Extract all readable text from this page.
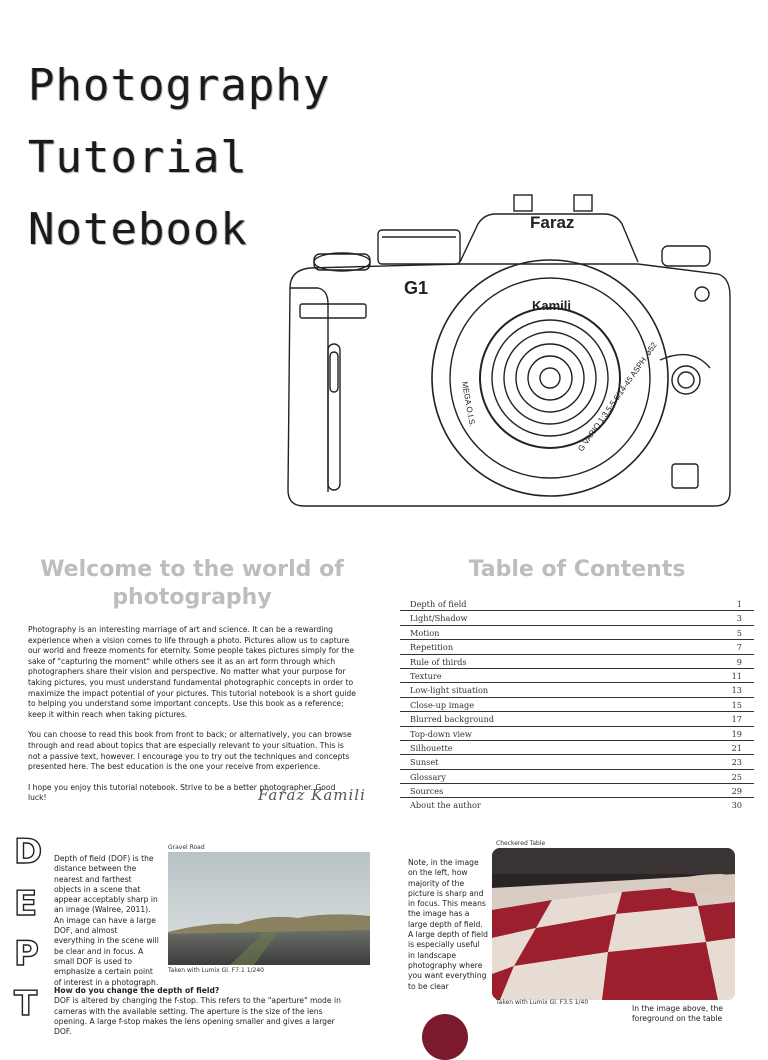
Photography
Tutorial
Notebook	Faraz
G1
Kamili
G VARIO 1:3.5-5.6/14-45 ASPH. ⌀52
MEGA O.I.S.
Welcome to the world of photography

Photography is an interesting marriage of art and science. It can be a rewarding experience when a vision comes to life through a photo. Pictures allow us to capture our world and freeze moments for eternity. Some people takes pictures simply for the sake of "capturing the moment" while others see it as an art form through which photographers share their vision and perspective. No matter what your purpose for taking pictures, you must understand fundamental photographic concepts in order to maximize the impact potential of your pictures. This tutorial notebook is a short guide to helping you understand some important concepts. Use this book as a reference; keep it within reach when taking pictures.

You can choose to read this book from front to back; or alternatively, you can browse through and read about topics that are especially relevant to your situation. This is not a passive text, however. I encourage you to try out the techniques and concepts presented here. The best education is the one your receive from experience.

I hope you enjoy this tutorial notebook. Strive to be a better photographer. Good luck!	Faraz Kamili
Table of Contents
Depth of field	1
Light/Shadow	3
Motion	5
Repetition	7
Rule of thirds	9
Texture	11
Low-light situation	13
Close-up image	15
Blurred background	17
Top-down view	19
Silhouette	21
Sunset	23
Glossary	25
Sources	29
About the author	30
D
E
P
T
Depth of field (DOF) is the distance between the nearest and farthest objects in a scene that appear acceptably sharp in an image (Walree, 2011). An image can have a large DOF, and almost everything in the scene will be clear and in focus. A small DOF is used to emphasize a certain point of interest in a photograph.
Gravel Road
Taken with Lumix Gl. F7.1 1/240
Note, in the image on the left, how majority of the picture is sharp and in focus. This means the image has a large depth of field. A large depth of field is especially useful in landscape photography where you want everything to be clear
Checkered Table
Taken with Lumix Gl. F3.5 1/40
How do you change the depth of field?
DOF is altered by changing the f-stop. This refers to the "aperture" mode in cameras with the available setting. The aperture is the size of the lens opening. A large f-stop makes the lens opening smaller and gives a larger DOF.
In the image above, the foreground on the table
